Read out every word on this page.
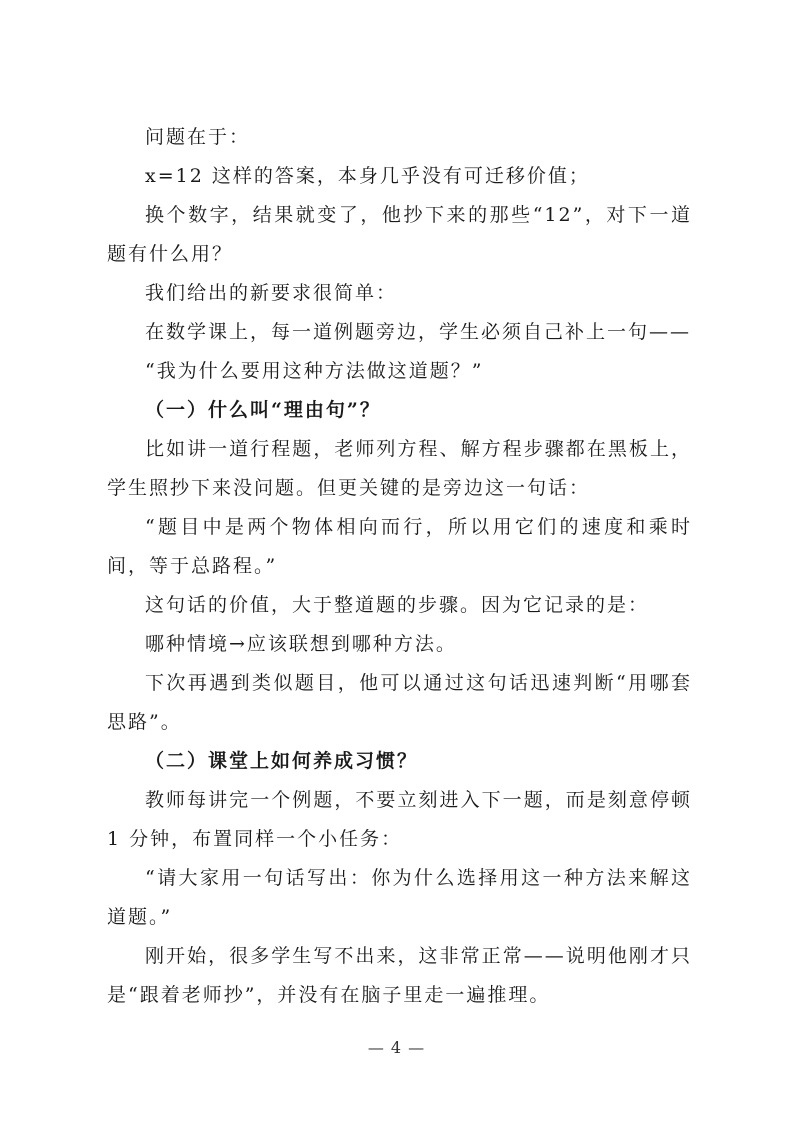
问题在于：

x=12 这样的答案，本身几乎没有可迁移价值；

换个数字，结果就变了，他抄下来的那些“12”，对下一道题有什么用？

我们给出的新要求很简单：

在数学课上，每一道例题旁边，学生必须自己补上一句——

“我为什么要用这种方法做这道题？”

（一）什么叫“理由句”？

比如讲一道行程题，老师列方程、解方程步骤都在黑板上，学生照抄下来没问题。但更关键的是旁边这一句话：

“题目中是两个物体相向而行，所以用它们的速度和乘时间，等于总路程。”

这句话的价值，大于整道题的步骤。因为它记录的是：

哪种情境→应该联想到哪种方法。

下次再遇到类似题目，他可以通过这句话迅速判断“用哪套思路”。

（二）课堂上如何养成习惯？

教师每讲完一个例题，不要立刻进入下一题，而是刻意停顿 1 分钟，布置同样一个小任务：

“请大家用一句话写出：你为什么选择用这一种方法来解这道题。”

刚开始，很多学生写不出来，这非常正常——说明他刚才只是“跟着老师抄”，并没有在脑子里走一遍推理。

— 4 —
